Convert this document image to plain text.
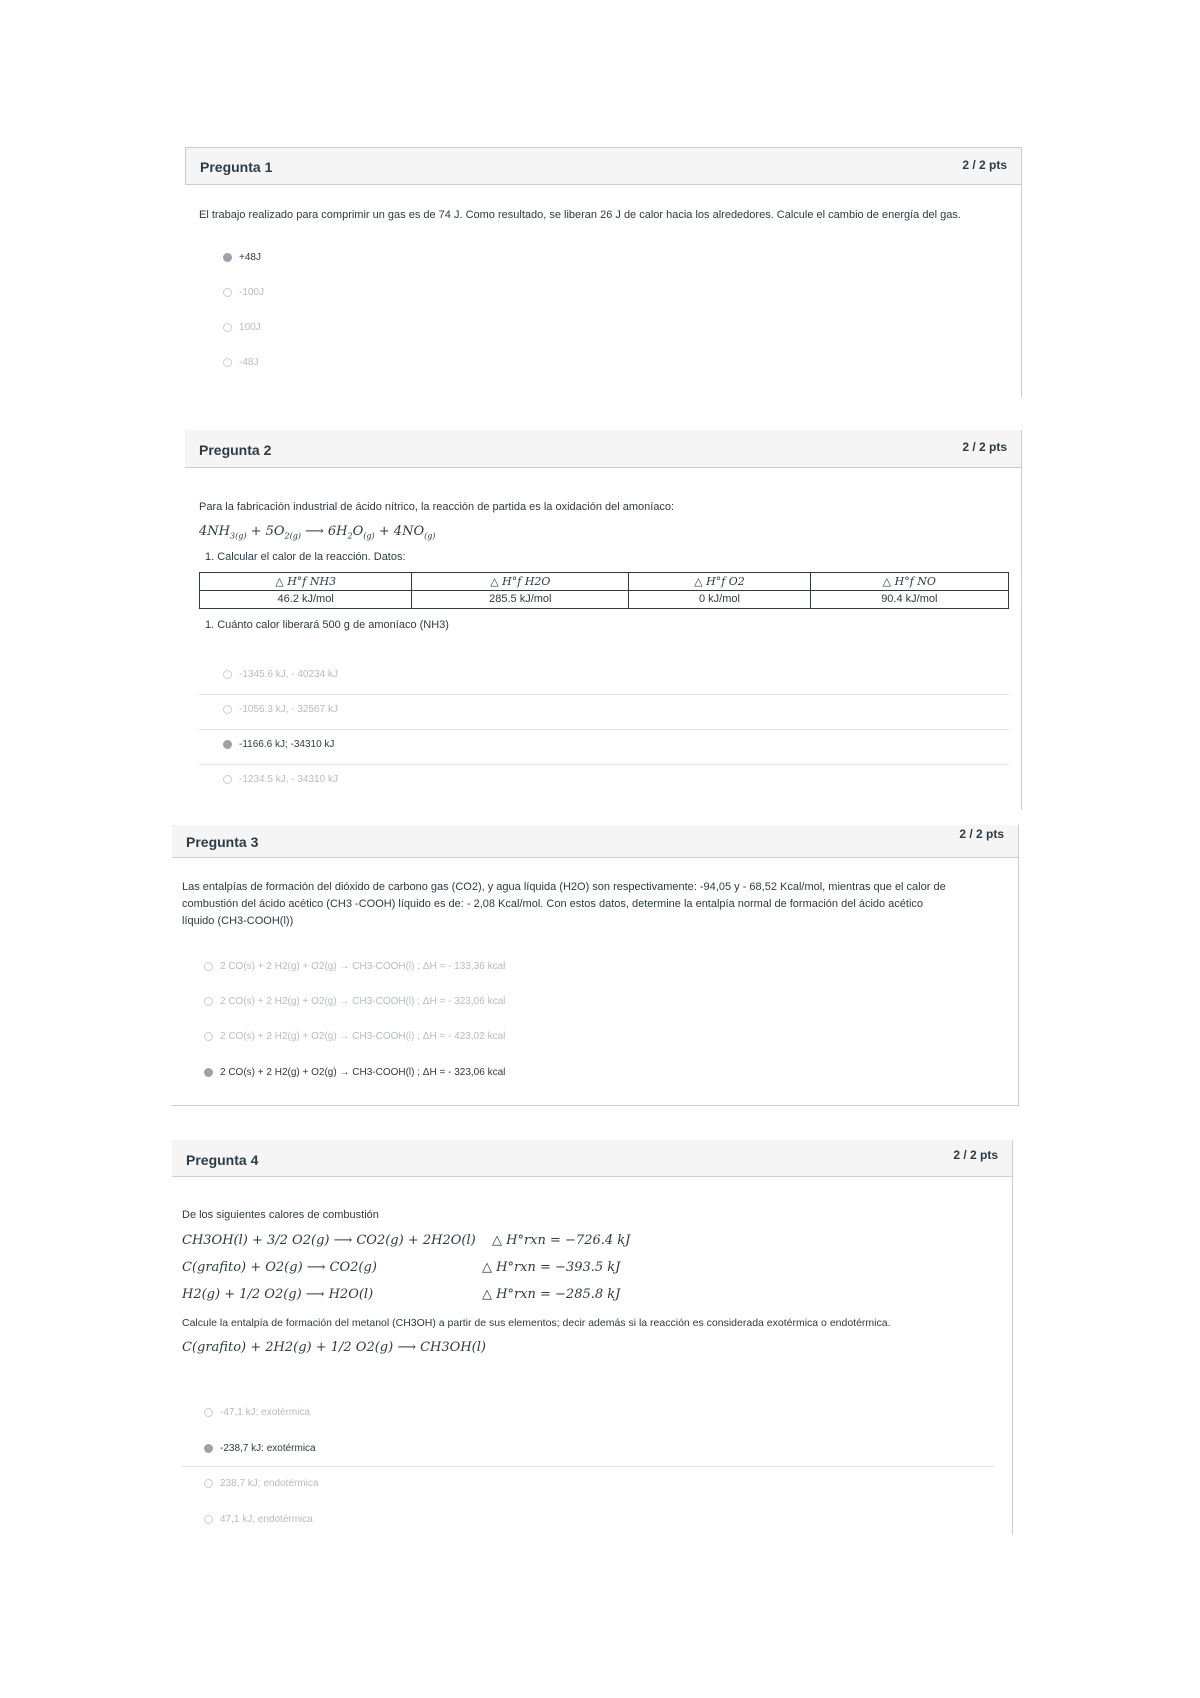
Pregunta 1	2 / 2 pts
El trabajo realizado para comprimir un gas es de 74 J. Como resultado, se liberan 26 J de calor hacia los alrededores. Calcule el cambio de energía del gas.
+48J
-100J
100J
-48J
Pregunta 2	2 / 2 pts
Para la fabricación industrial de ácido nítrico, la reacción de partida es la oxidación del amoníaco:
$4NH_{3(g)} + 5O_{2(g)}$ ⟶ $6H_2O_{(g)} + 4NO_{(g)}$
1. Calcular el calor de la reacción. Datos:
△ H°f NH3	△ H°f H2O	△ H°f O2	△ H°f NO
46.2 kJ/mol	285.5 kJ/mol	0 kJ/mol	90.4 kJ/mol
1. Cuánto calor liberará 500 g de amoníaco (NH3)
-1345.6 kJ, - 40234 kJ
-1056.3 kJ, - 32567 kJ
-1166.6 kJ; -34310 kJ
-1234.5 kJ, - 34310 kJ
Pregunta 3	2 / 2 pts
Las entalpías de formación del dióxido de carbono gas (CO2), y agua líquida (H2O) son respectivamente: -94,05 y - 68,52 Kcal/mol, mientras que el calor de
combustión del ácido acético (CH3 -COOH) líquido es de: - 2,08 Kcal/mol. Con estos datos, determine la entalpía normal de formación del ácido acético
líquido (CH3-COOH(l))
2 CO(s) + 2 H2(g) + O2(g) → CH3-COOH(l) ; ΔH = - 133,36 kcal
2 CO(s) + 2 H2(g) + O2(g) → CH3-COOH(l) ; ΔH = - 323,06 kcal
2 CO(s) + 2 H2(g) + O2(g) → CH3-COOH(l) ; ΔH = - 423,02 kcal
2 CO(s) + 2 H2(g) + O2(g) → CH3-COOH(l) ; ΔH = - 323,06 kcal
Pregunta 4	2 / 2 pts
De los siguientes calores de combustión
CH3OH(l) + 3/2 O2(g) ⟶ CO2(g) + 2H2O(l) △ H°rxn = −726.4 kJ
C(grafito) + O2(g) ⟶ CO2(g)	△ H°rxn = −393.5 kJ
H2(g) + 1/2 O2(g) ⟶ H2O(l)	△ H°rxn = −285.8 kJ
Calcule la entalpía de formación del metanol (CH3OH) a partir de sus elementos; decir además si la reacción es considerada exotérmica o endotérmica.
C(grafito) + 2H2(g) + 1/2 O2(g) ⟶ CH3OH(l)
-47,1 kJ; exotérmica
-238,7 kJ: exotérmica
238,7 kJ; endotérmica
47,1 kJ; endotérmica
